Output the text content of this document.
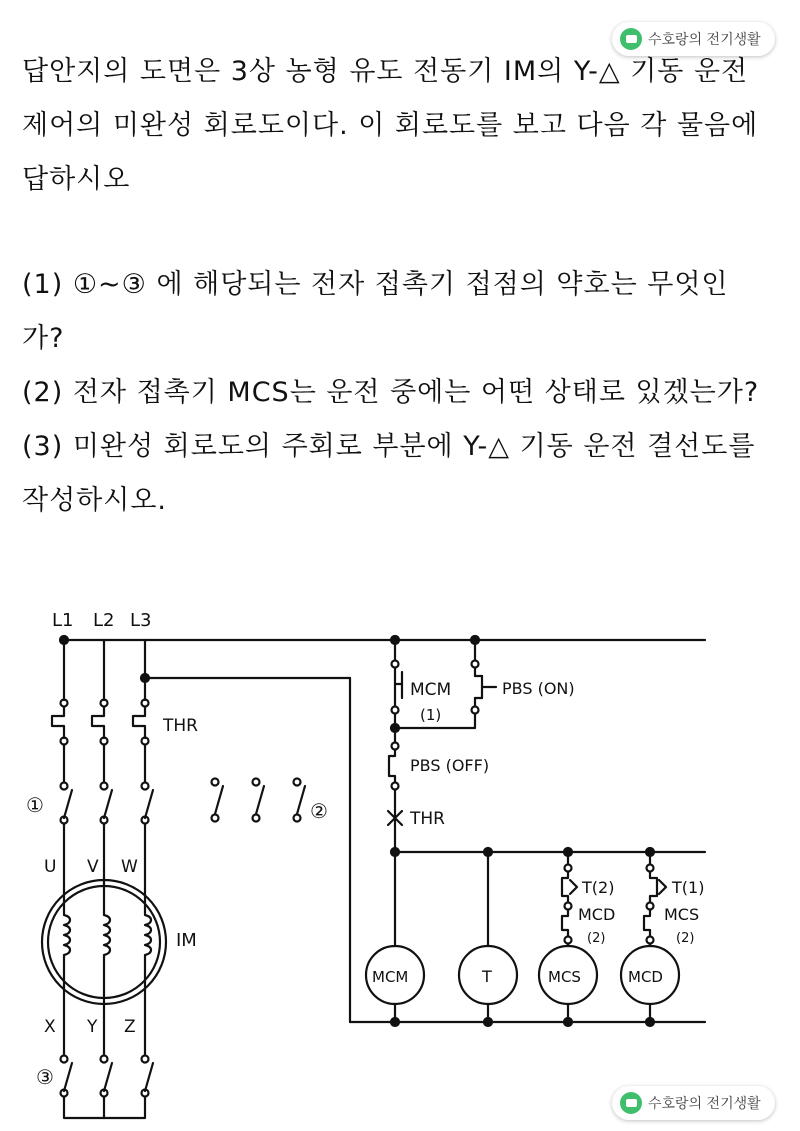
수호랑의 전기생활
답안지의 도면은 3상 농형 유도 전동기 IM의 Y-△ 기동 운전 제어의 미완성 회로도이다. 이 회로도를 보고 다음 각 물음에 답하시오
(1) ①~③ 에 해당되는 전자 접촉기 접점의 약호는 무엇인가?
(2) 전자 접촉기 MCS는 운전 중에는 어떤 상태로 있겠는가?
(3) 미완성 회로도의 주회로 부분에 Y-△ 기동 운전 결선도를 작성하시오.
L1 L2 L3
THR
①	②
U V W
IM
X Y Z
③
MCM
(1)
PBS (ON)
PBS (OFF)
THR
MCM	T
T(2)
MCD
(2)
MCS
T(1)
MCS
(2)
MCD
수호랑의 전기생활
